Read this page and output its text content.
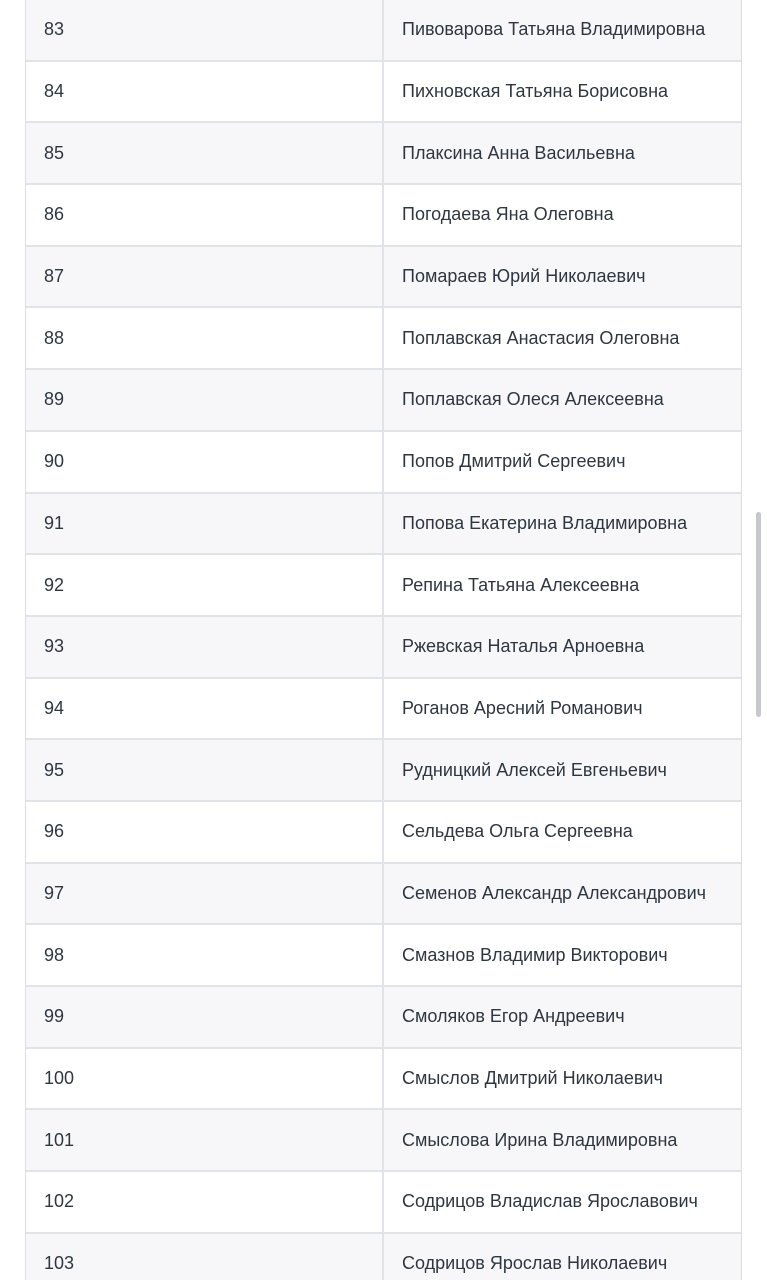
83	Пивоварова Татьяна Владимировна
84	Пихновская Татьяна Борисовна
85	Плаксина Анна Васильевна
86	Погодаева Яна Олеговна
87	Помараев Юрий Николаевич
88	Поплавская Анастасия Олеговна
89	Поплавская Олеся Алексеевна
90	Попов Дмитрий Сергеевич
91	Попова Екатерина Владимировна
92	Репина Татьяна Алексеевна
93	Ржевская Наталья Арноевна
94	Роганов Аресний Романович
95	Рудницкий Алексей Евгеньевич
96	Сельдева Ольга Сергеевна
97	Семенов Александр Александрович
98	Смазнов Владимир Викторович
99	Смоляков Егор Андреевич
100	Смыслов Дмитрий Николаевич
101	Смыслова Ирина Владимировна
102	Содрицов Владислав Ярославович
103	Содрицов Ярослав Николаевич
